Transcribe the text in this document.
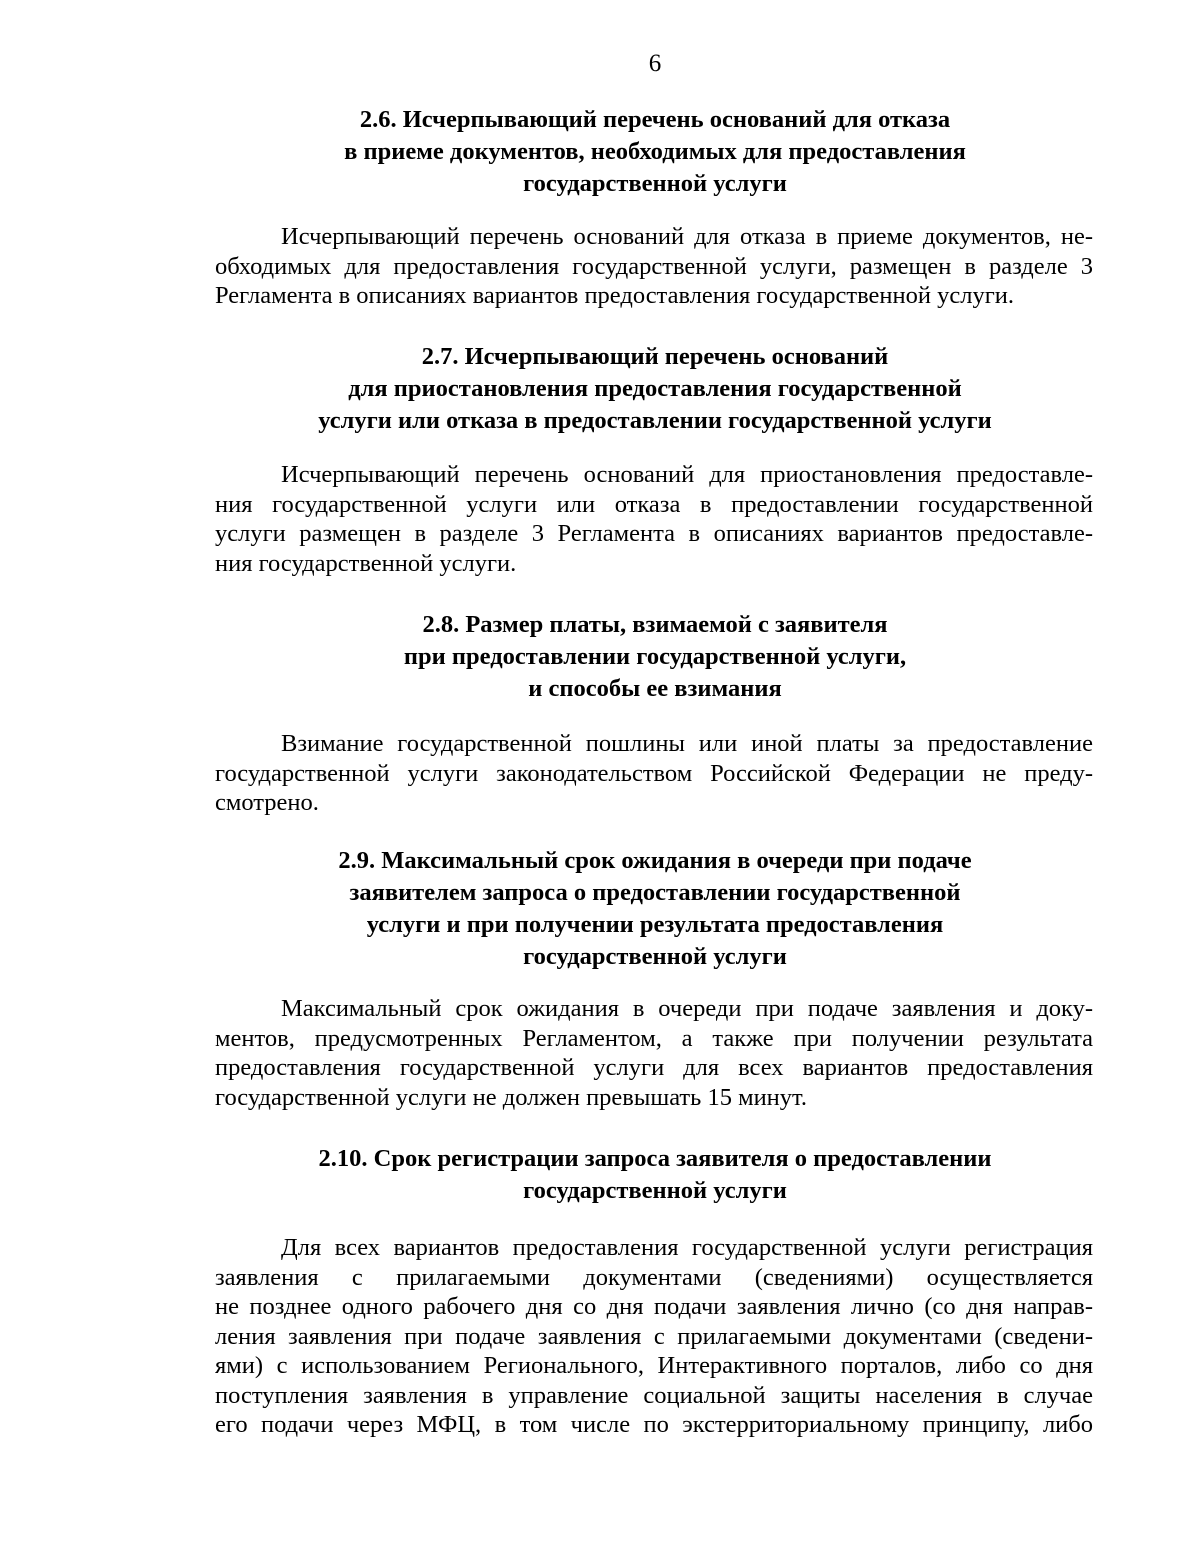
6
2.6. Исчерпывающий перечень оснований для отказа
в приеме документов, необходимых для предоставления
государственной услуги
Исчерпывающий перечень оснований для отказа в приеме документов, не-
обходимых для предоставления государственной услуги, размещен в разделе 3
Регламента в описаниях вариантов предоставления государственной услуги.
2.7. Исчерпывающий перечень оснований
для приостановления предоставления государственной
услуги или отказа в предоставлении государственной услуги
Исчерпывающий перечень оснований для приостановления предоставле-
ния государственной услуги или отказа в предоставлении государственной
услуги размещен в разделе 3 Регламента в описаниях вариантов предоставле-
ния государственной услуги.
2.8. Размер платы, взимаемой с заявителя
при предоставлении государственной услуги,
и способы ее взимания
Взимание государственной пошлины или иной платы за предоставление
государственной услуги законодательством Российской Федерации не преду-
смотрено.
2.9. Максимальный срок ожидания в очереди при подаче
заявителем запроса о предоставлении государственной
услуги и при получении результата предоставления
государственной услуги
Максимальный срок ожидания в очереди при подаче заявления и доку-
ментов, предусмотренных Регламентом, а также при получении результата
предоставления государственной услуги для всех вариантов предоставления
государственной услуги не должен превышать 15 минут.
2.10. Срок регистрации запроса заявителя о предоставлении
государственной услуги
Для всех вариантов предоставления государственной услуги регистрация
заявления с прилагаемыми документами (сведениями) осуществляется
не позднее одного рабочего дня со дня подачи заявления лично (со дня направ-
ления заявления при подаче заявления с прилагаемыми документами (сведени-
ями) с использованием Регионального, Интерактивного порталов, либо со дня
поступления заявления в управление социальной защиты населения в случае
его подачи через МФЦ, в том числе по экстерриториальному принципу, либо
